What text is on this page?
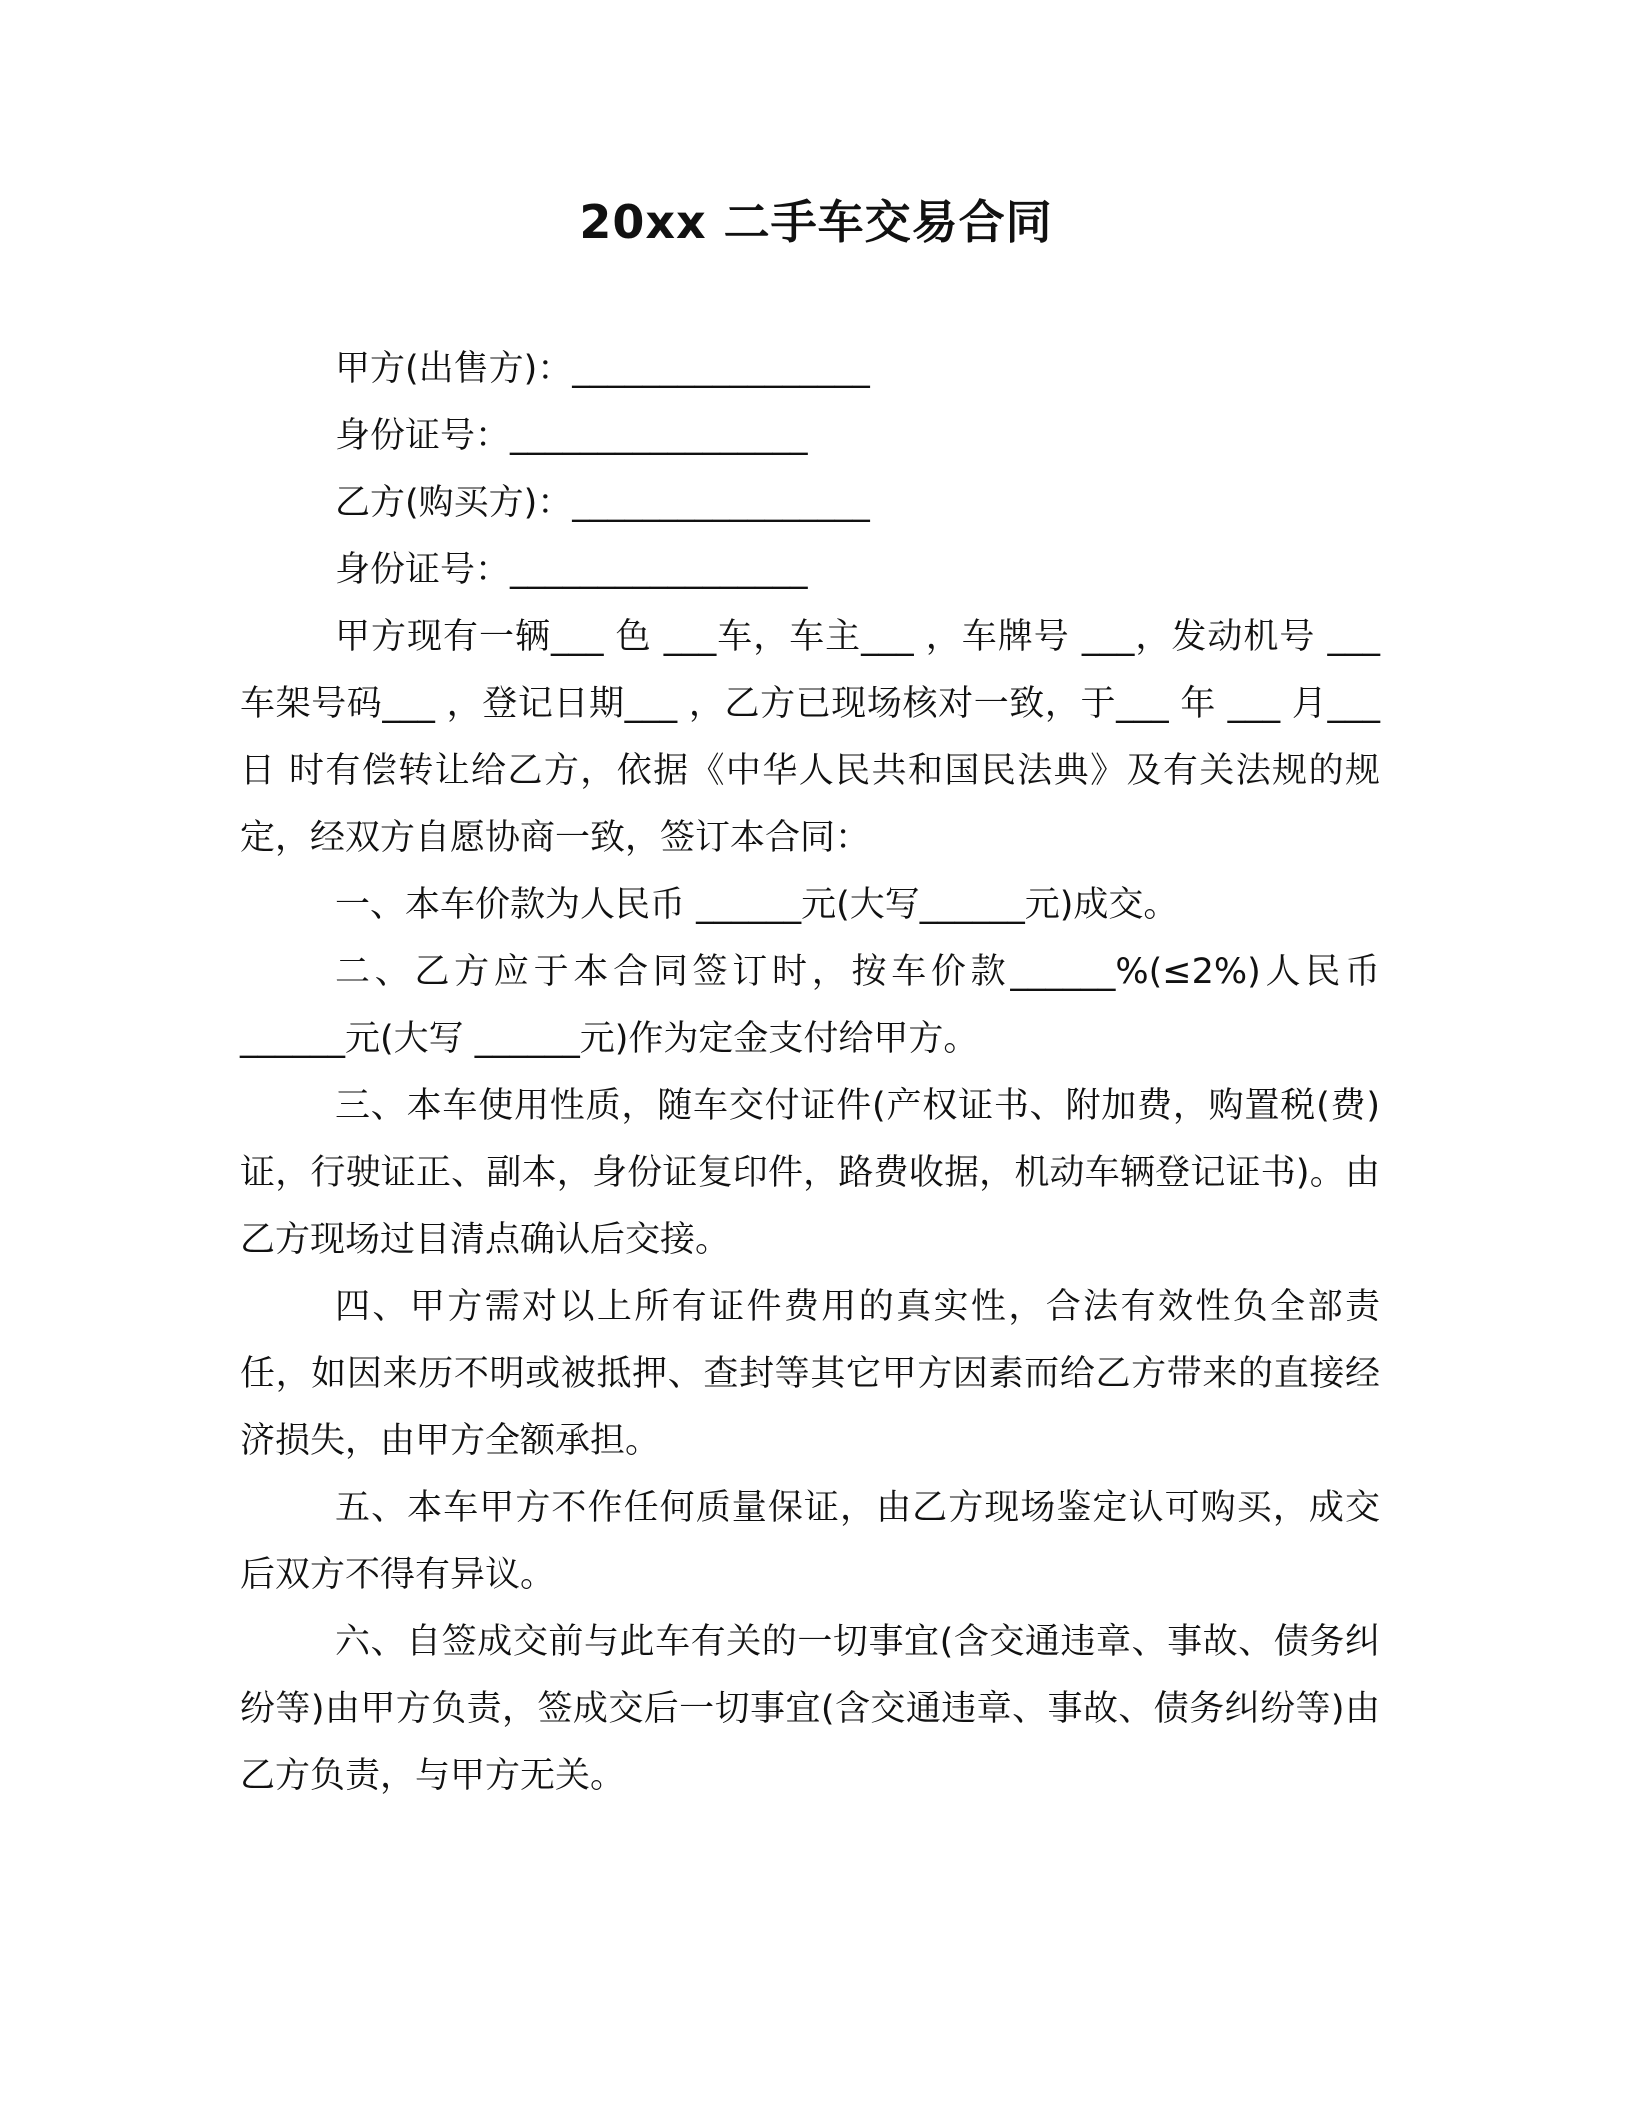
20xx 二手车交易合同

甲方(出售方)：_________________

身份证号：_________________

乙方(购买方)：_________________

身份证号：_________________

甲方现有一辆___ 色 ___车，车主___ ，车牌号 ___，发动机号 ___ 车架号码___ ，登记日期___ ，乙方已现场核对一致，于___ 年 ___ 月___ 日 时有偿转让给乙方，依据《中华人民共和国民法典》及有关法规的规定，经双方自愿协商一致，签订本合同：

一、本车价款为人民币 ______元(大写______元)成交。

二、乙方应于本合同签订时，按车价款______%(≤2%)人民币 ______元(大写 ______元)作为定金支付给甲方。

三、本车使用性质，随车交付证件(产权证书、附加费，购置税(费)证，行驶证正、副本，身份证复印件，路费收据，机动车辆登记证书)。由乙方现场过目清点确认后交接。

四、甲方需对以上所有证件费用的真实性，合法有效性负全部责任，如因来历不明或被抵押、查封等其它甲方因素而给乙方带来的直接经济损失，由甲方全额承担。

五、本车甲方不作任何质量保证，由乙方现场鉴定认可购买，成交后双方不得有异议。

六、自签成交前与此车有关的一切事宜(含交通违章、事故、债务纠纷等)由甲方负责，签成交后一切事宜(含交通违章、事故、债务纠纷等)由乙方负责，与甲方无关。
